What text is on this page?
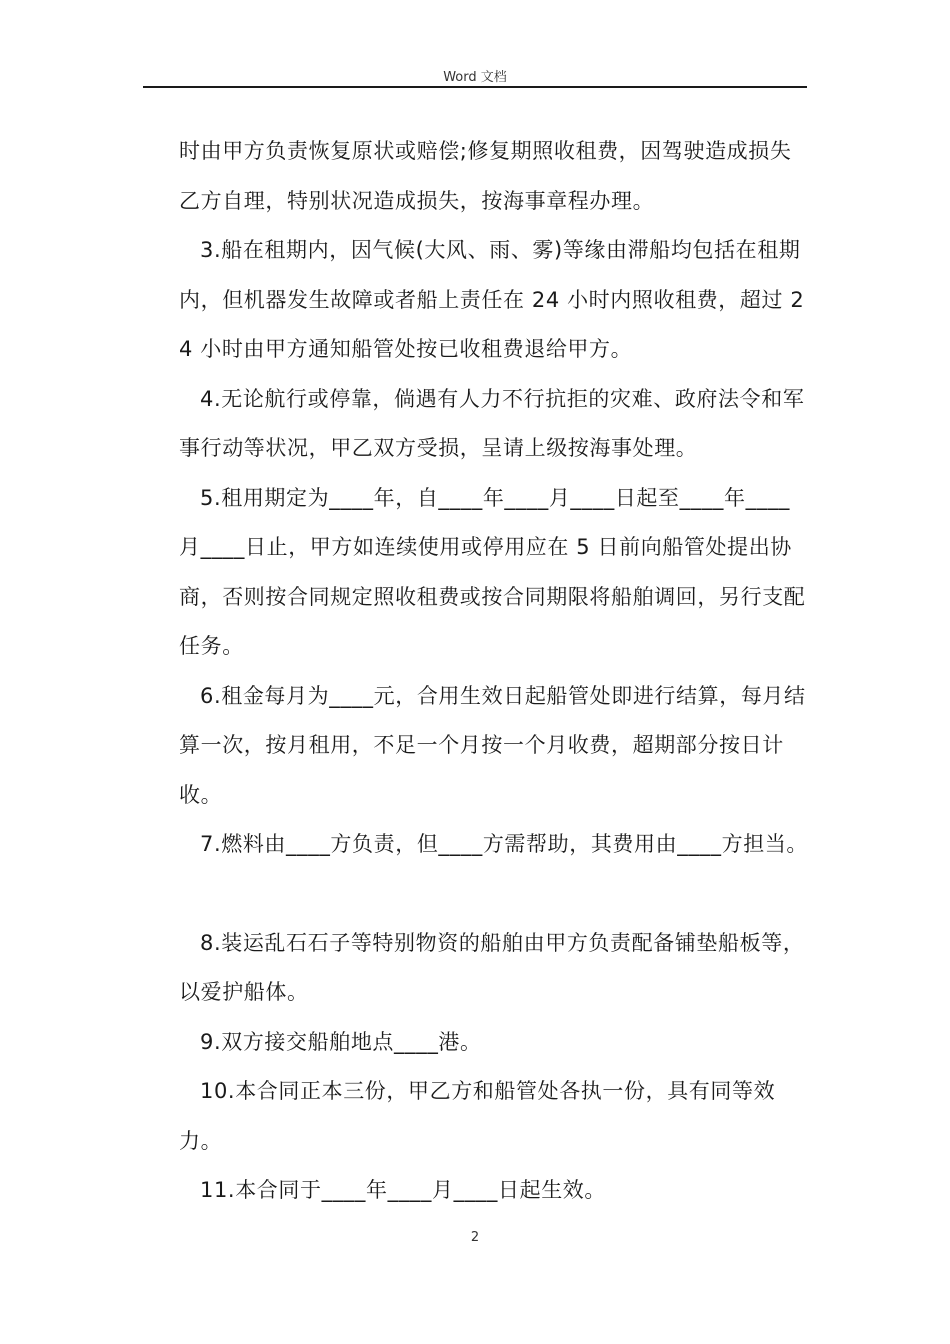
Word 文档

时由甲方负责恢复原状或赔偿;修复期照收租费，因驾驶造成损失乙方自理，特别状况造成损失，按海事章程办理。

3.船在租期内，因气候(大风、雨、雾)等缘由滞船均包括在租期内，但机器发生故障或者船上责任在 24 小时内照收租费，超过 24 小时由甲方通知船管处按已收租费退给甲方。

4.无论航行或停靠，倘遇有人力不行抗拒的灾难、政府法令和军事行动等状况，甲乙双方受损，呈请上级按海事处理。

5.租用期定为____年，自____年____月____日起至____年____月____日止，甲方如连续使用或停用应在 5 日前向船管处提出协商，否则按合同规定照收租费或按合同期限将船舶调回，另行支配任务。

6.租金每月为____元，合用生效日起船管处即进行结算，每月结算一次，按月租用，不足一个月按一个月收费，超期部分按日计收。

7.燃料由____方负责，但____方需帮助，其费用由____方担当。

8.装运乱石石子等特别物资的船舶由甲方负责配备铺垫船板等，以爱护船体。

9.双方接交船舶地点____港。

10.本合同正本三份，甲乙方和船管处各执一份，具有同等效力。

11.本合同于____年____月____日起生效。

2
